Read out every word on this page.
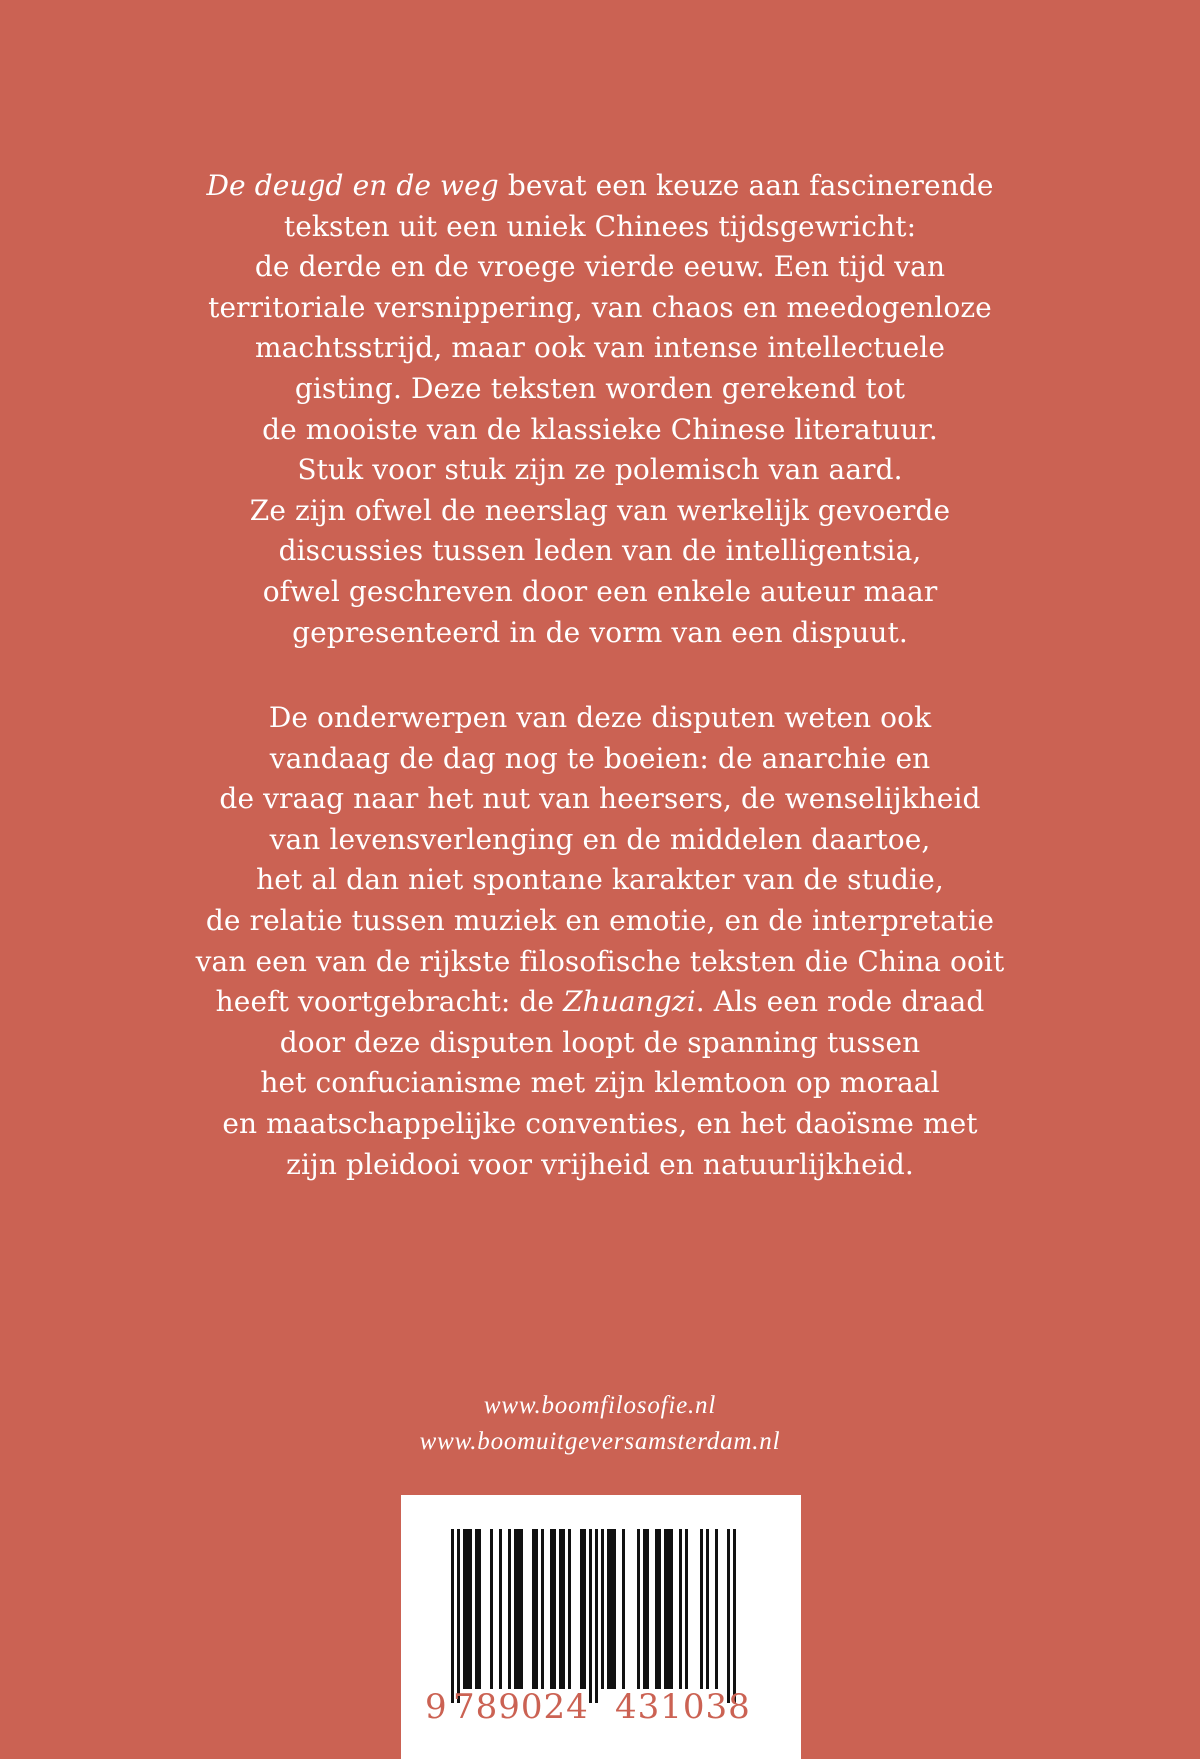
De deugd en de weg bevat een keuze aan fascinerende
teksten uit een uniek Chinees tijdsgewricht:
de derde en de vroege vierde eeuw. Een tijd van
territoriale versnippering, van chaos en meedogenloze
machtsstrijd, maar ook van intense intellectuele
gisting. Deze teksten worden gerekend tot
de mooiste van de klassieke Chinese literatuur.
Stuk voor stuk zijn ze polemisch van aard.
Ze zijn ofwel de neerslag van werkelijk gevoerde
discussies tussen leden van de intelligentsia,
ofwel geschreven door een enkele auteur maar
gepresenteerd in de vorm van een dispuut.
De onderwerpen van deze disputen weten ook
vandaag de dag nog te boeien: de anarchie en
de vraag naar het nut van heersers, de wenselijkheid
van levensverlenging en de middelen daartoe,
het al dan niet spontane karakter van de studie,
de relatie tussen muziek en emotie, en de interpretatie
van een van de rijkste filosofische teksten die China ooit
heeft voortgebracht: de Zhuangzi. Als een rode draad
door deze disputen loopt de spanning tussen
het confucianisme met zijn klemtoon op moraal
en maatschappelijke conventies, en het daoïsme met
zijn pleidooi voor vrijheid en natuurlijkheid.
www.boomfilosofie.nl
www.boomuitgeversamsterdam.nl
9 789024 431038
